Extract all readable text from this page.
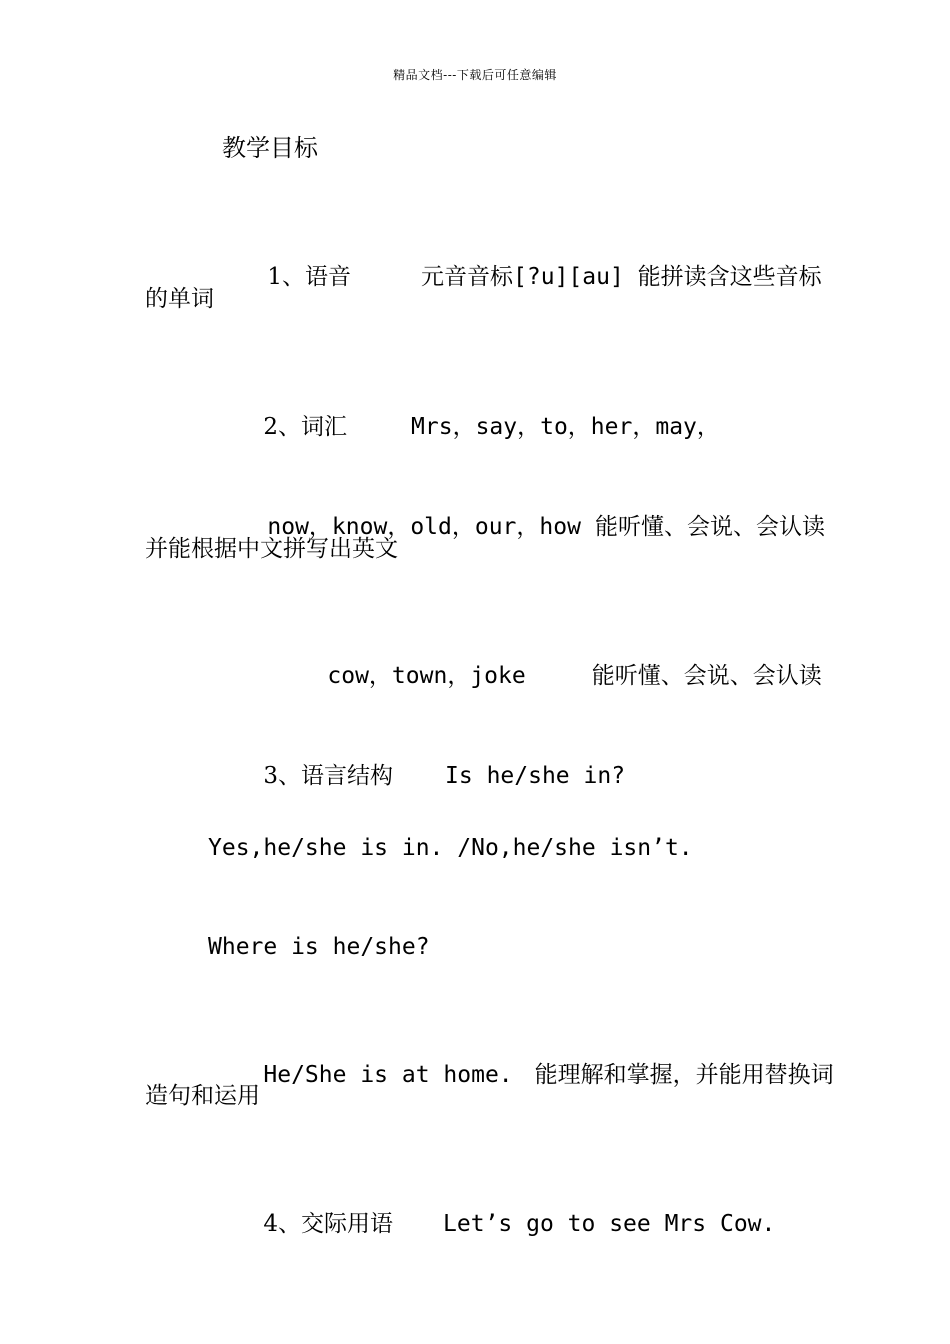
精品文档---下载后可任意编辑
教学目标

1、语音	元音音标[?u][au] 能拼读含这些音标

的单词

2、词汇	Mrs，say，to，her，may，

now，know，old，our，how 能听懂、会说、会认读

并能根据中文拼写出英文

cow，town，joke	能听懂、会说、会认读

3、语言结构 Is he/she in?

Yes,he/she is in. /No,he/she isn’t.
Where is he/she?

He/She is at home. 能理解和掌握，并能用替换词

造句和运用

4、交际用语 Let’s go to see Mrs Cow.
